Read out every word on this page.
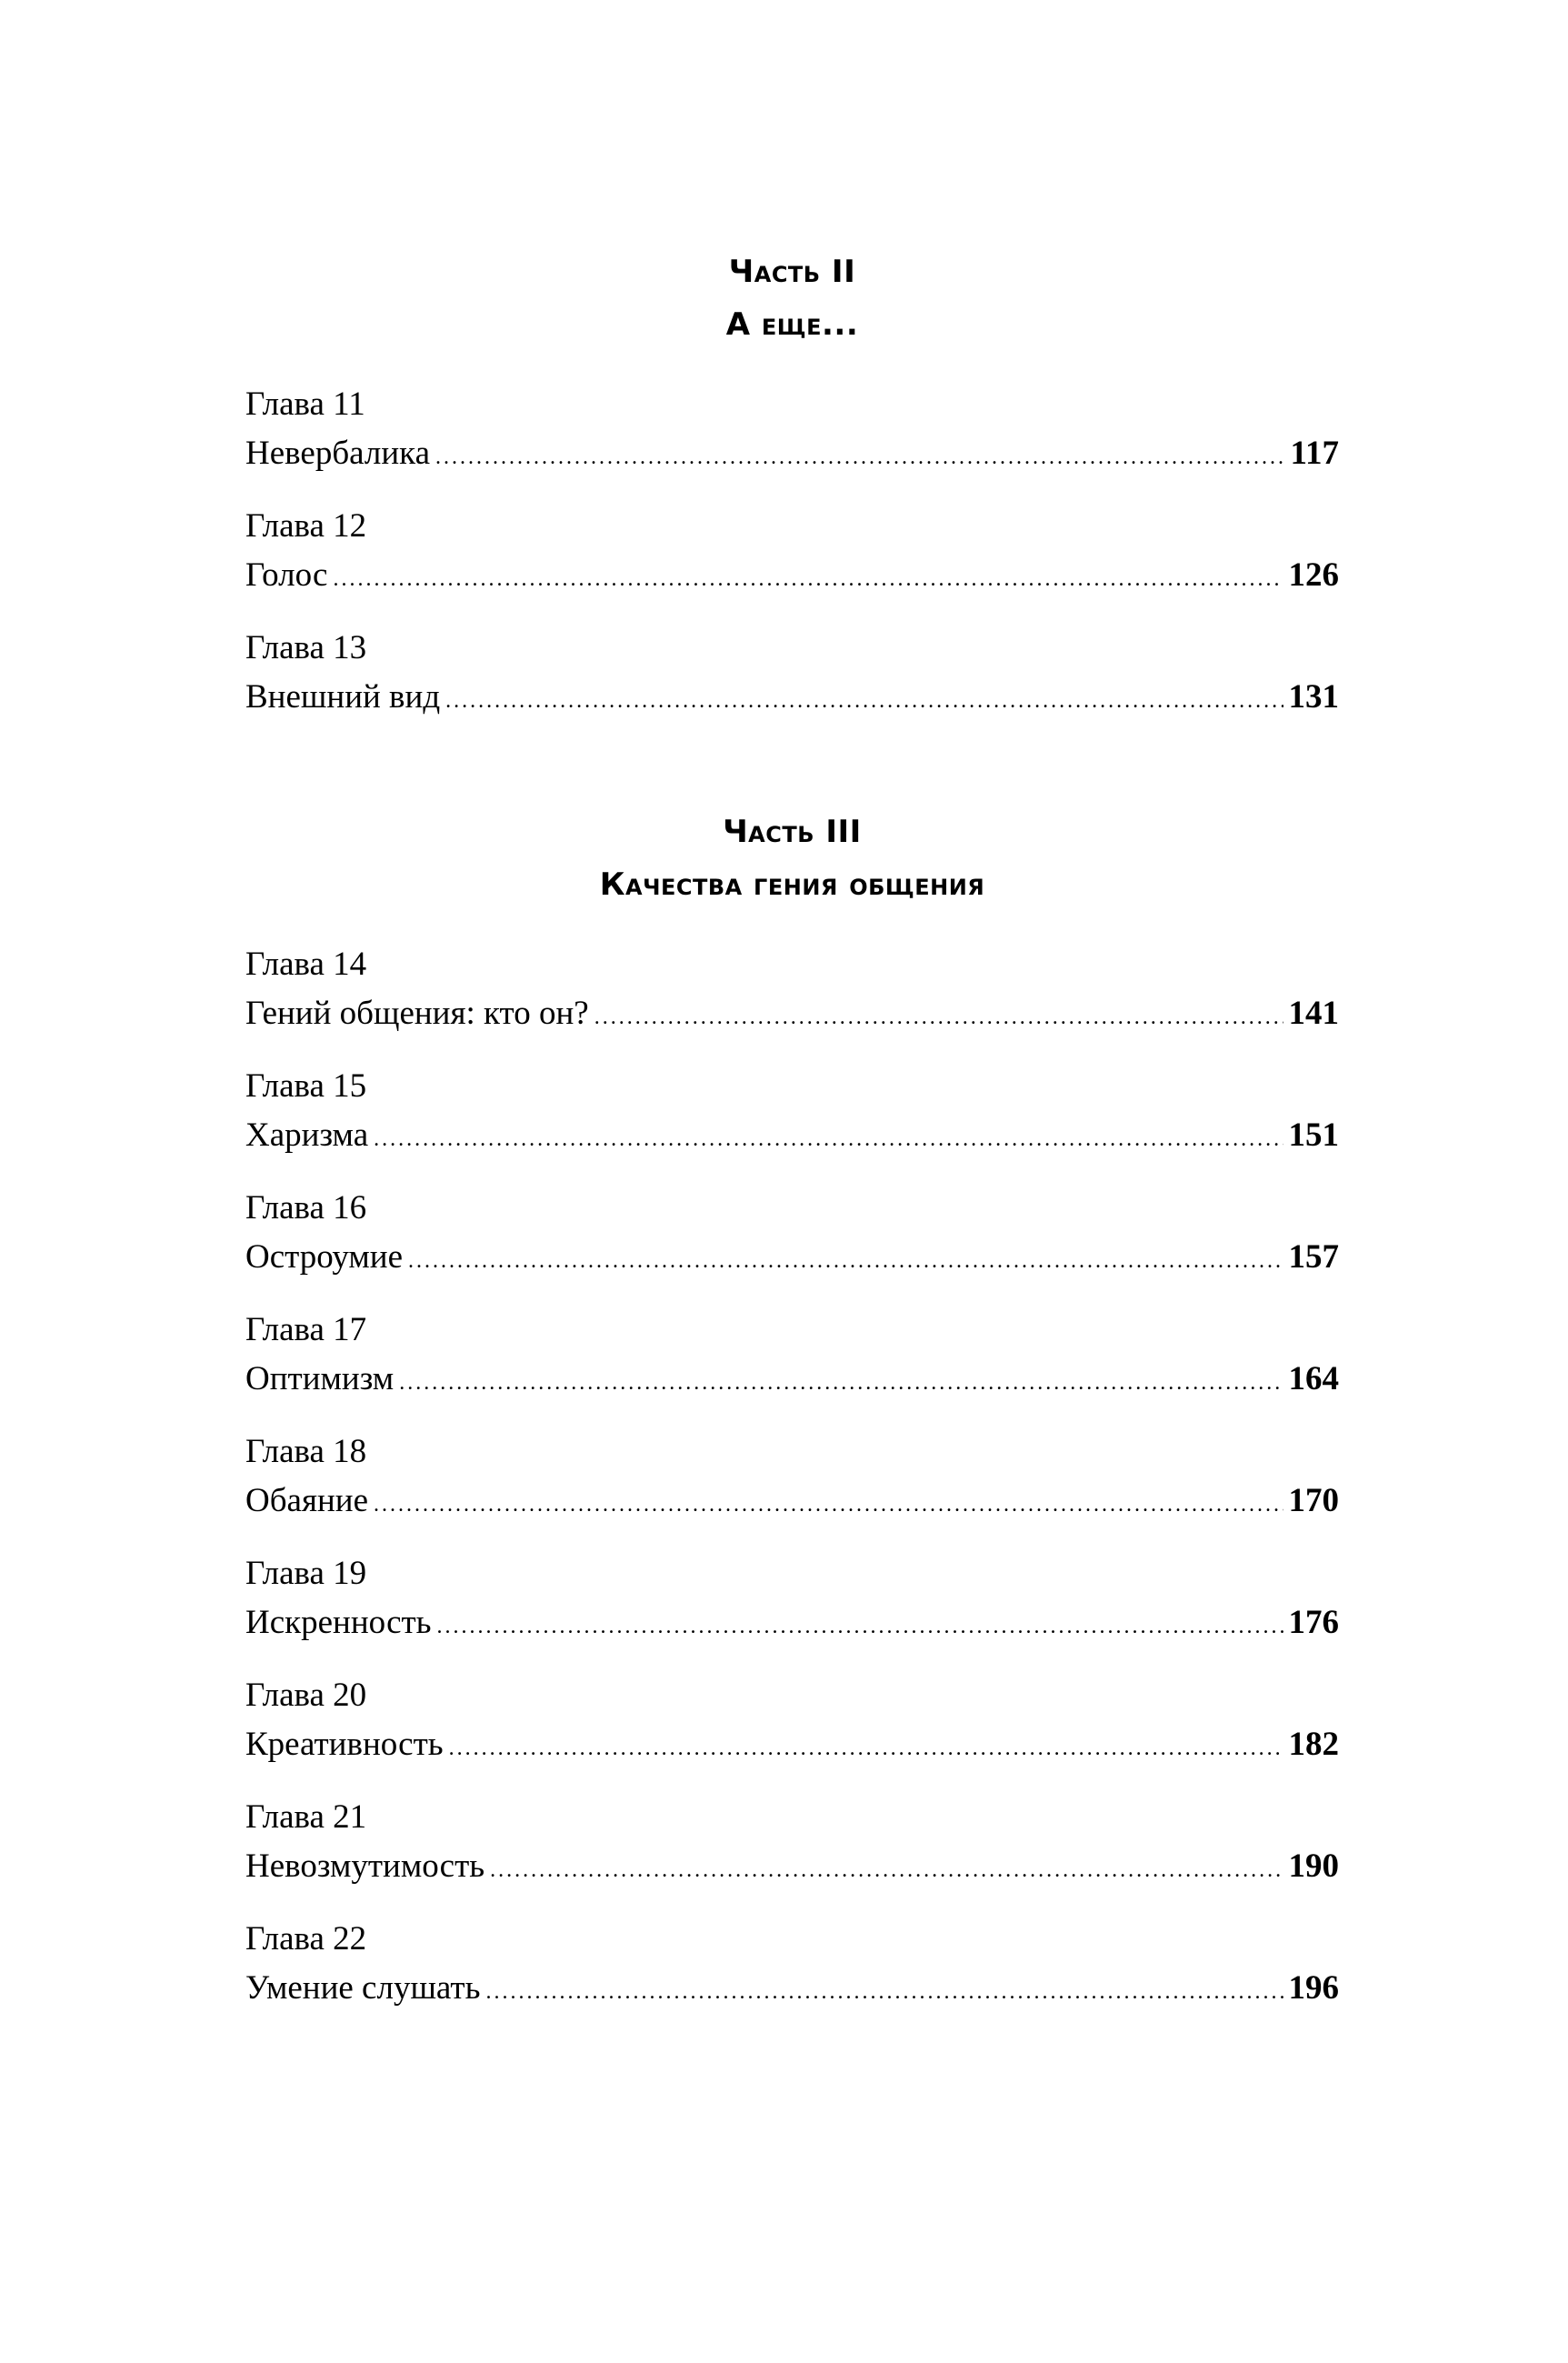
Часть II
А еще...
Глава 11
Невербалика .....	117
Глава 12
Голос .....	126
Глава 13
Внешний вид .....	131
Часть III
Качества гения общения
Глава 14
Гений общения: кто он? .....	141
Глава 15
Харизма .....	151
Глава 16
Остроумие .....	157
Глава 17
Оптимизм .....	164
Глава 18
Обаяние .....	170
Глава 19
Искренность .....	176
Глава 20
Креативность .....	182
Глава 21
Невозмутимость .....	190
Глава 22
Умение слушать .....	196
